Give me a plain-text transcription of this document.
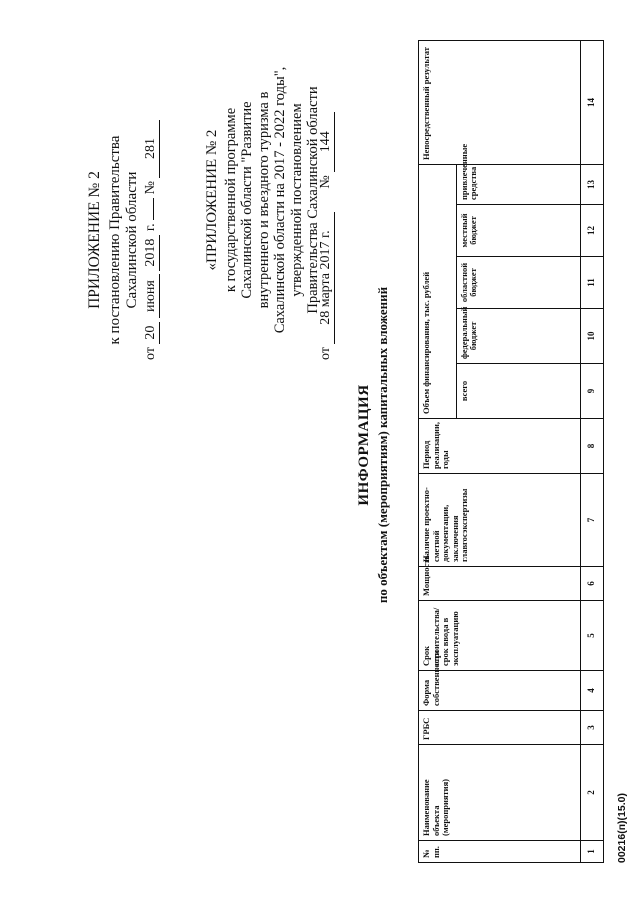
ПРИЛОЖЕНИЕ № 2 к постановлению Правительства Сахалинской области
от 20 июня 2018 г.  № 281	«ПРИЛОЖЕНИЕ № 2 к государственной программе Сахалинской области "Развитие внутреннего и въездного туризма в Сахалинской области на 2017 - 2022 годы", утвержденной постановлением Правительства Сахалинской области
от 28 марта 2017 г.  № 144
ИНФОРМАЦИЯ по объектам (мероприятиям) капитальных вложений
№ пп.	Наименование объекта (мероприятия)	ГРБС	Форма собственности	Срок строительства/срок ввода в эксплуатацию	Мощность	Наличие проектно-сметной документации, заключения главгосэкспертизы	Период реализации, годы	Объем финансирования, тыс. рублей					Непосредственный результат
								всего	федеральный бюджет	областной бюджет	местный бюджет	привлеченные средства	
1	2	3	4	5	6	7	8	9	10	11	12	13	14
00216(п)(15.0)
